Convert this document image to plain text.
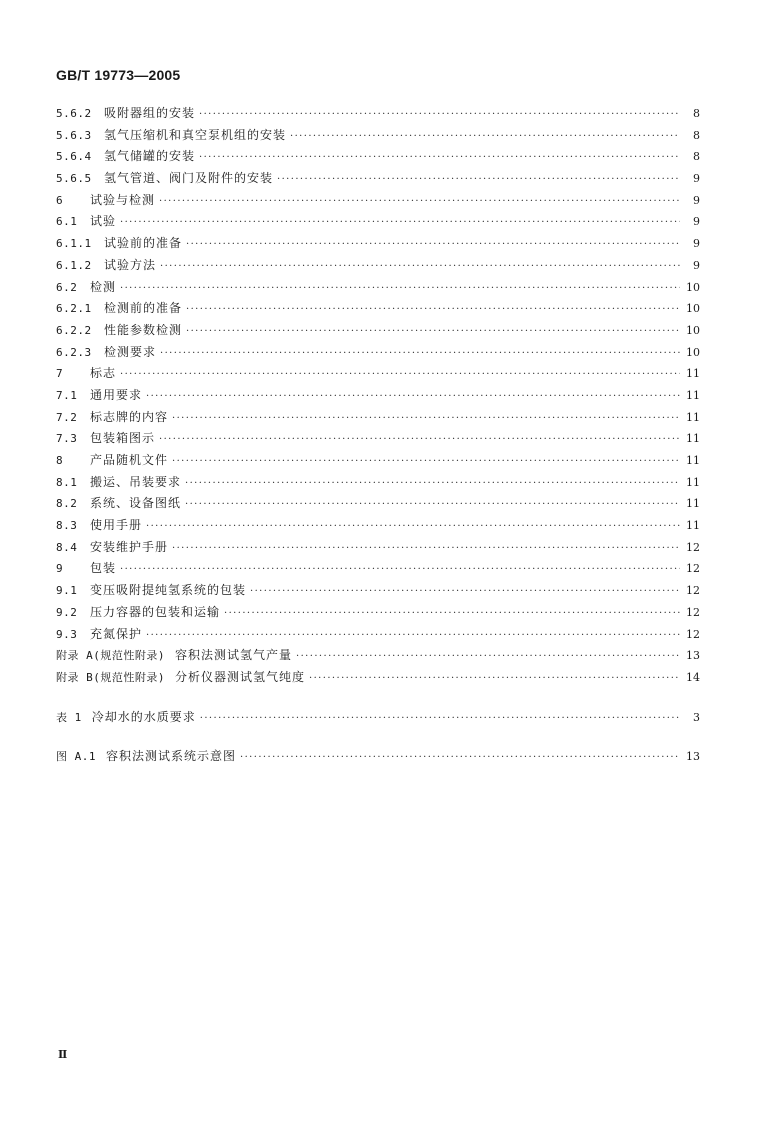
GB/T 19773—2005
5.6.2	吸附器组的安装 ·····	8
5.6.3	氢气压缩机和真空泵机组的安装 ·····	8
5.6.4	氢气储罐的安装 ·····	8
5.6.5	氢气管道、阀门及附件的安装 ·····	9
6	试验与检测 ·····	9
6.1	试验 ·····	9
6.1.1	试验前的准备 ·····	9
6.1.2	试验方法 ·····	9
6.2	检测 ·····	10
6.2.1	检测前的准备 ·····	10
6.2.2	性能参数检测 ·····	10
6.2.3	检测要求 ·····	10
7	标志 ·····	11
7.1	通用要求 ·····	11
7.2	标志牌的内容 ·····	11
7.3	包装箱图示 ·····	11
8	产品随机文件 ·····	11
8.1	搬运、吊装要求 ·····	11
8.2	系统、设备图纸 ·····	11
8.3	使用手册 ·····	11
8.4	安装维护手册 ·····	12
9	包装 ·····	12
9.1	变压吸附提纯氢系统的包装 ·····	12
9.2	压力容器的包装和运输 ·····	12
9.3	充氮保护 ·····	12
附录 A(规范性附录) 容积法测试氢气产量 ·····	13
附录 B(规范性附录) 分析仪器测试氢气纯度 ·····	14
表 1 冷却水的水质要求 ·····	3
图 A.1 容积法测试系统示意图 ·····	13
Ⅱ
